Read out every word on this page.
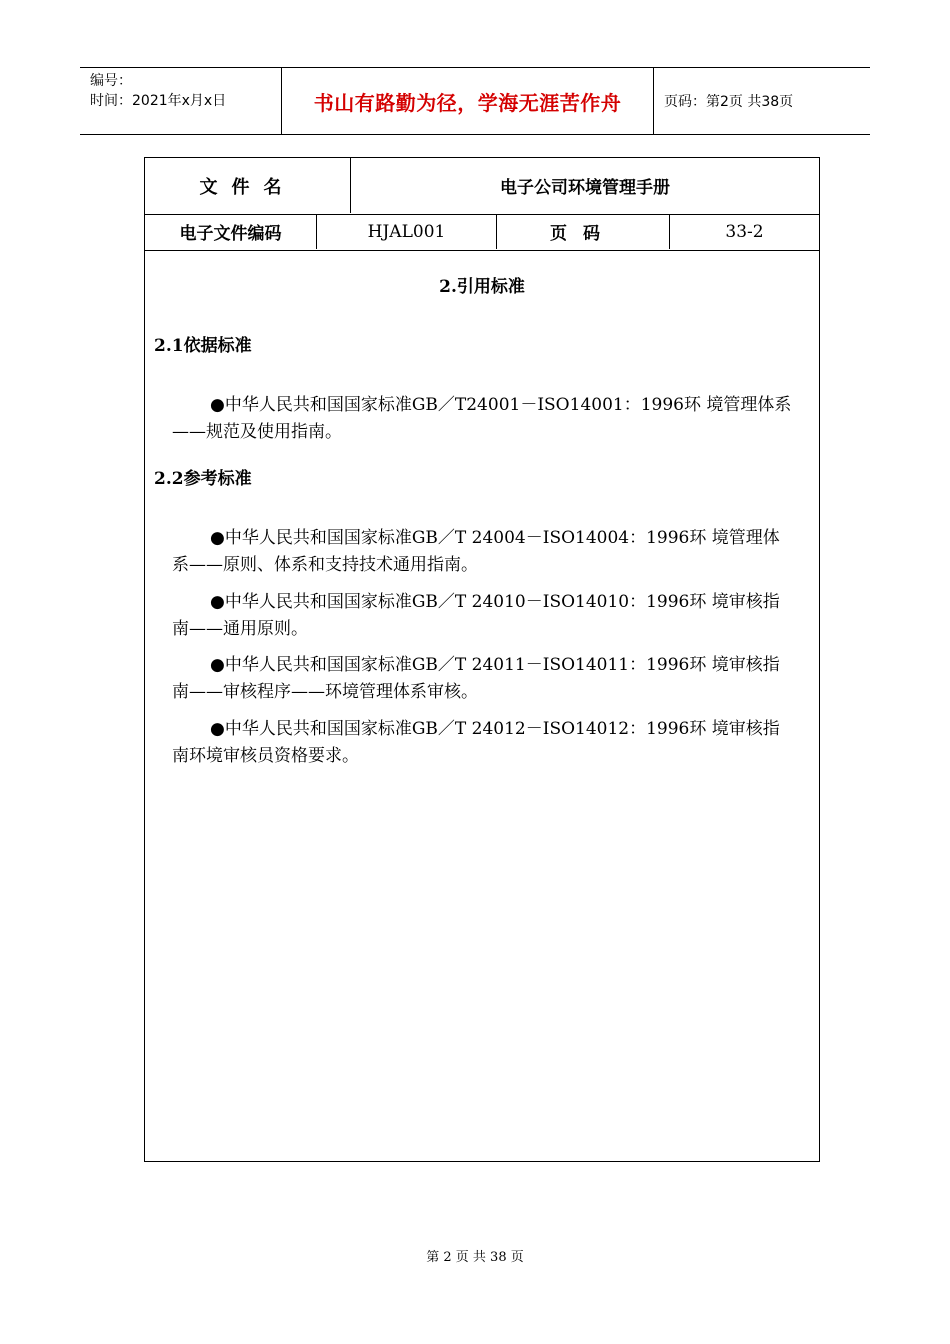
编号：
时间：2021年x月x日	书山有路勤为径，学海无涯苦作舟	页码：第2页 共38页
文件名	电子公司环境管理手册
电子文件编码	HJAL001	页码	33-2
2.引用标准
2.1依据标准

●中华人民共和国国家标准GB／T24001－ISO14001：1996环 境管理体系——规范及使用指南。

2.2参考标准

●中华人民共和国国家标准GB／T 24004－ISO14004：1996环 境管理体系——原则、体系和支持技术通用指南。

●中华人民共和国国家标准GB／T 24010－ISO14010：1996环 境审核指南——通用原则。

●中华人民共和国国家标准GB／T 24011－ISO14011：1996环 境审核指南——审核程序——环境管理体系审核。

●中华人民共和国国家标准GB／T 24012－ISO14012：1996环 境审核指南环境审核员资格要求。

第 2 页 共 38 页
